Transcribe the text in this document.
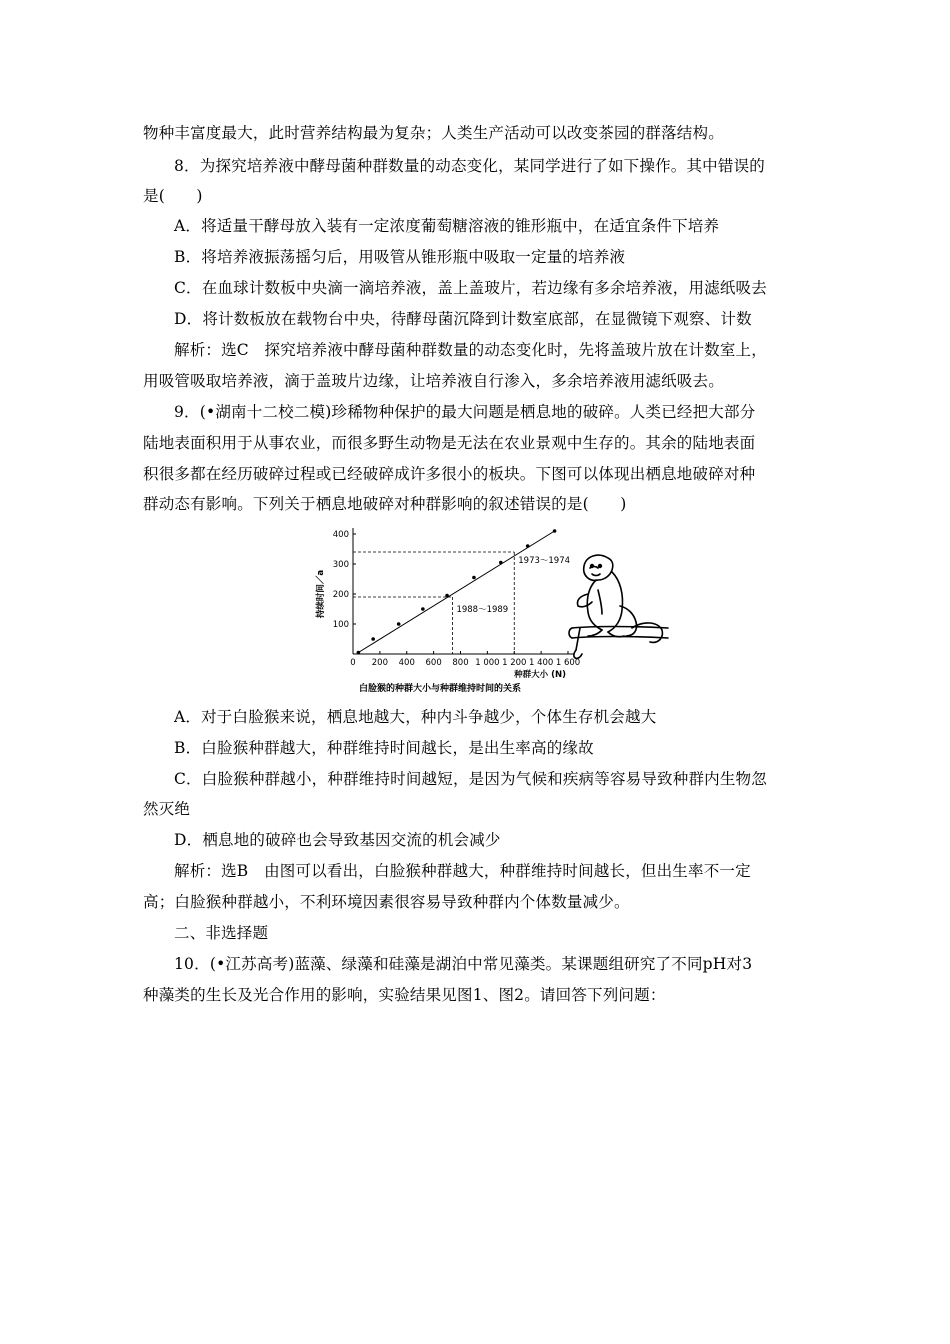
物种丰富度最大，此时营养结构最为复杂；人类生产活动可以改变茶园的群落结构。
8．为探究培养液中酵母菌种群数量的动态变化，某同学进行了如下操作。其中错误的
是(　　)
A．将适量干酵母放入装有一定浓度葡萄糖溶液的锥形瓶中，在适宜条件下培养
B．将培养液振荡摇匀后，用吸管从锥形瓶中吸取一定量的培养液
C．在血球计数板中央滴一滴培养液，盖上盖玻片，若边缘有多余培养液，用滤纸吸去
D．将计数板放在载物台中央，待酵母菌沉降到计数室底部，在显微镜下观察、计数
解析：选C　探究培养液中酵母菌种群数量的动态变化时，先将盖玻片放在计数室上，
用吸管吸取培养液，滴于盖玻片边缘，让培养液自行渗入，多余培养液用滤纸吸去。
9．(•湖南十二校二模)珍稀物种保护的最大问题是栖息地的破碎。人类已经把大部分
陆地表面积用于从事农业，而很多野生动物是无法在农业景观中生存的。其余的陆地表面
积很多都在经历破碎过程或已经破碎成许多很小的板块。下图可以体现出栖息地破碎对种
群动态有影响。下列关于栖息地破碎对种群影响的叙述错误的是(　　)
0 200 400 600 800 1 000 1 200 1 400 1 600
100
200
300
400
种群大小 (N)
持续时间／a
白脸猴的种群大小与种群维持时间的关系
1973～1974
1988～1989
A．对于白脸猴来说，栖息地越大，种内斗争越少，个体生存机会越大
B．白脸猴种群越大，种群维持时间越长，是出生率高的缘故
C．白脸猴种群越小，种群维持时间越短，是因为气候和疾病等容易导致种群内生物忽
然灭绝
D．栖息地的破碎也会导致基因交流的机会减少
解析：选B　由图可以看出，白脸猴种群越大，种群维持时间越长，但出生率不一定
高；白脸猴种群越小，不利环境因素很容易导致种群内个体数量减少。
二、非选择题
10．(•江苏高考)蓝藻、绿藻和硅藻是湖泊中常见藻类。某课题组研究了不同pH对3
种藻类的生长及光合作用的影响，实验结果见图1、图2。请回答下列问题：
